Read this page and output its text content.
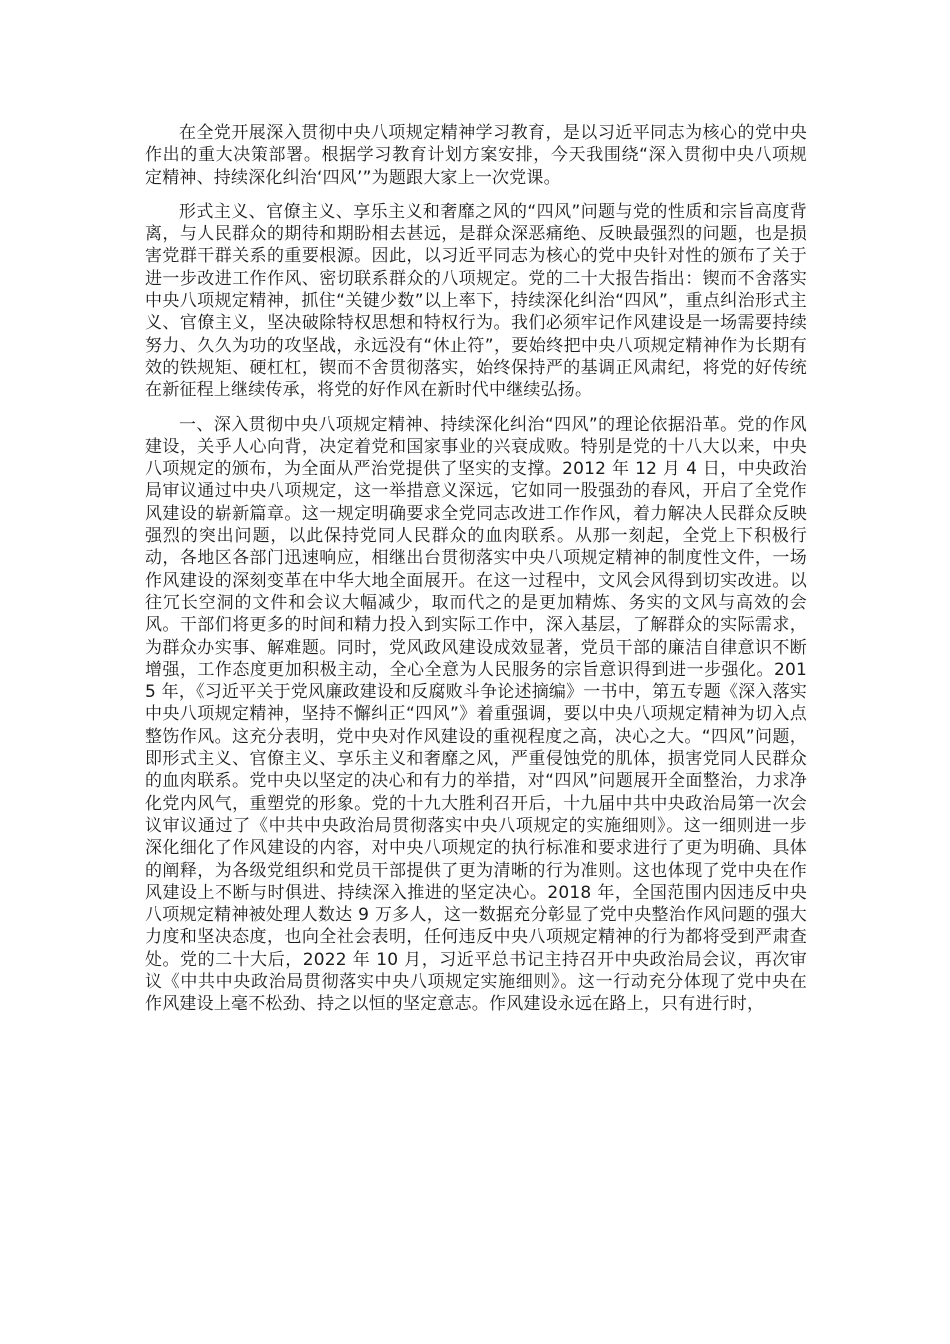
在全党开展深入贯彻中央八项规定精神学习教育，是以习近平同志为核心的党中央作出的重大决策部署。根据学习教育计划方案安排，今天我围绕“深入贯彻中央八项规定精神、持续深化纠治‘四风’”为题跟大家上一次党课。

形式主义、官僚主义、享乐主义和奢靡之风的“四风”问题与党的性质和宗旨高度背离，与人民群众的期待和期盼相去甚远，是群众深恶痛绝、反映最强烈的问题，也是损害党群干群关系的重要根源。因此，以习近平同志为核心的党中央针对性的颁布了关于进一步改进工作作风、密切联系群众的八项规定。党的二十大报告指出：锲而不舍落实中央八项规定精神，抓住“关键少数”以上率下，持续深化纠治“四风”，重点纠治形式主义、官僚主义，坚决破除特权思想和特权行为。我们必须牢记作风建设是一场需要持续努力、久久为功的攻坚战，永远没有“休止符”，要始终把中央八项规定精神作为长期有效的铁规矩、硬杠杠，锲而不舍贯彻落实，始终保持严的基调正风肃纪，将党的好传统在新征程上继续传承，将党的好作风在新时代中继续弘扬。

一、深入贯彻中央八项规定精神、持续深化纠治“四风”的理论依据沿革。党的作风建设，关乎人心向背，决定着党和国家事业的兴衰成败。特别是党的十八大以来，中央八项规定的颁布，为全面从严治党提供了坚实的支撑。2012 年 12 月 4 日，中央政治局审议通过中央八项规定，这一举措意义深远，它如同一股强劲的春风，开启了全党作风建设的崭新篇章。这一规定明确要求全党同志改进工作作风，着力解决人民群众反映强烈的突出问题，以此保持党同人民群众的血肉联系。从那一刻起，全党上下积极行动，各地区各部门迅速响应，相继出台贯彻落实中央八项规定精神的制度性文件，一场作风建设的深刻变革在中华大地全面展开。在这一过程中，文风会风得到切实改进。以往冗长空洞的文件和会议大幅减少，取而代之的是更加精炼、务实的文风与高效的会风。干部们将更多的时间和精力投入到实际工作中，深入基层，了解群众的实际需求，为群众办实事、解难题。同时，党风政风建设成效显著，党员干部的廉洁自律意识不断增强，工作态度更加积极主动，全心全意为人民服务的宗旨意识得到进一步强化。2015 年，《习近平关于党风廉政建设和反腐败斗争论述摘编》一书中，第五专题《深入落实中央八项规定精神，坚持不懈纠正“四风”》着重强调，要以中央八项规定精神为切入点整饬作风。这充分表明，党中央对作风建设的重视程度之高，决心之大。“四风”问题，即形式主义、官僚主义、享乐主义和奢靡之风，严重侵蚀党的肌体，损害党同人民群众的血肉联系。党中央以坚定的决心和有力的举措，对“四风”问题展开全面整治，力求净化党内风气，重塑党的形象。党的十九大胜利召开后，十九届中共中央政治局第一次会议审议通过了《中共中央政治局贯彻落实中央八项规定的实施细则》。这一细则进一步深化细化了作风建设的内容，对中央八项规定的执行标准和要求进行了更为明确、具体的阐释，为各级党组织和党员干部提供了更为清晰的行为准则。这也体现了党中央在作风建设上不断与时俱进、持续深入推进的坚定决心。2018 年，全国范围内因违反中央八项规定精神被处理人数达 9 万多人，这一数据充分彰显了党中央整治作风问题的强大力度和坚决态度，也向全社会表明，任何违反中央八项规定精神的行为都将受到严肃查处。党的二十大后，2022 年 10 月，习近平总书记主持召开中央政治局会议，再次审议《中共中央政治局贯彻落实中央八项规定实施细则》。这一行动充分体现了党中央在作风建设上毫不松劲、持之以恒的坚定意志。作风建设永远在路上，只有进行时，
